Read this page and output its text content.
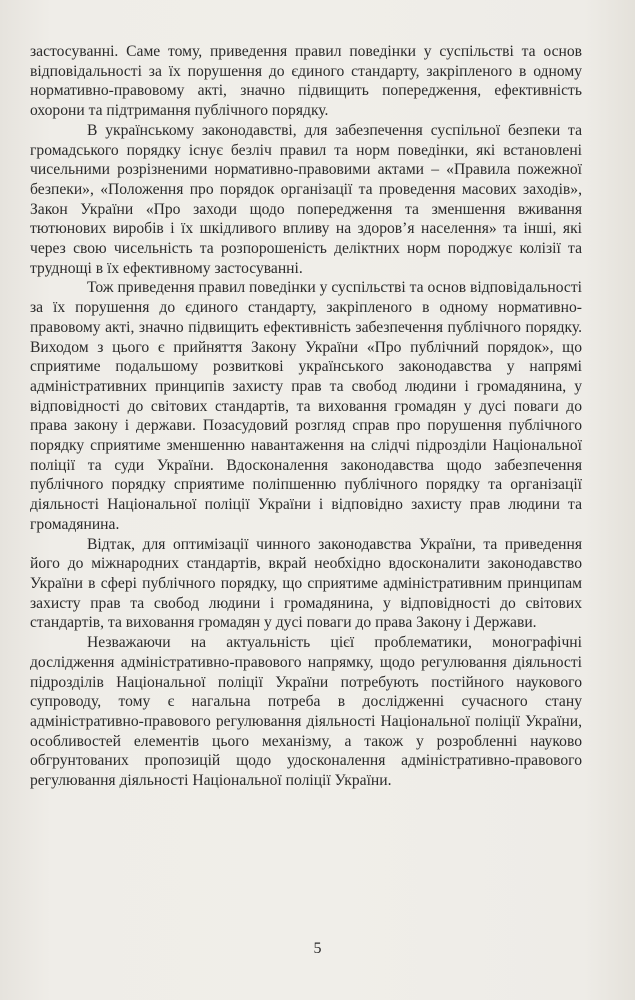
застосуванні. Саме тому, приведення правил поведінки у суспільстві та основ відповідальності за їх порушення до єдиного стандарту, закріпленого в одному нормативно-правовому акті, значно підвищить попередження, ефективність охорони та підтримання публічного порядку.

В українському законодавстві, для забезпечення суспільної безпеки та громадського порядку існує безліч правил та норм поведінки, які встановлені чисельними розрізненими нормативно-правовими актами – «Правила пожежної безпеки», «Положення про порядок організації та проведення масових заходів», Закон України «Про заходи щодо попередження та зменшення вживання тютюнових виробів і їх шкідливого впливу на здоров’я населення» та інші, які через свою чисельність та розпорошеність деліктних норм породжує колізії та труднощі в їх ефективному застосуванні.

Тож приведення правил поведінки у суспільстві та основ відповідальності за їх порушення до єдиного стандарту, закріпленого в одному нормативно-правовому акті, значно підвищить ефективність забезпечення публічного порядку. Виходом з цього є прийняття Закону України «Про публічний порядок», що сприятиме подальшому розвиткові українського законодавства у напрямі адміністративних принципів захисту прав та свобод людини і громадянина, у відповідності до світових стандартів, та виховання громадян у дусі поваги до права закону і держави. Позасудовий розгляд справ про порушення публічного порядку сприятиме зменшенню навантаження на слідчі підрозділи Національної поліції та суди України. Вдосконалення законодавства щодо забезпечення публічного порядку сприятиме поліпшенню публічного порядку та організації діяльності Національної поліції України і відповідно захисту прав людини та громадянина.

Відтак, для оптимізації чинного законодавства України, та приведення його до міжнародних стандартів, вкрай необхідно вдосконалити законодавство України в сфері публічного порядку, що сприятиме адміністративним принципам захисту прав та свобод людини і громадянина, у відповідності до світових стандартів, та виховання громадян у дусі поваги до права Закону і Держави.

Незважаючи на актуальність цієї проблематики, монографічні дослідження адміністративно-правового напрямку, щодо регулювання діяльності підрозділів Національної поліції України потребують постійного наукового супроводу, тому є нагальна потреба в дослідженні сучасного стану адміністративно-правового регулювання діяльності Національної поліції України, особливостей елементів цього механізму, а також у розробленні науково обгрунтованих пропозицій щодо удосконалення адміністративно-правового регулювання діяльності Національної поліції України.

5
